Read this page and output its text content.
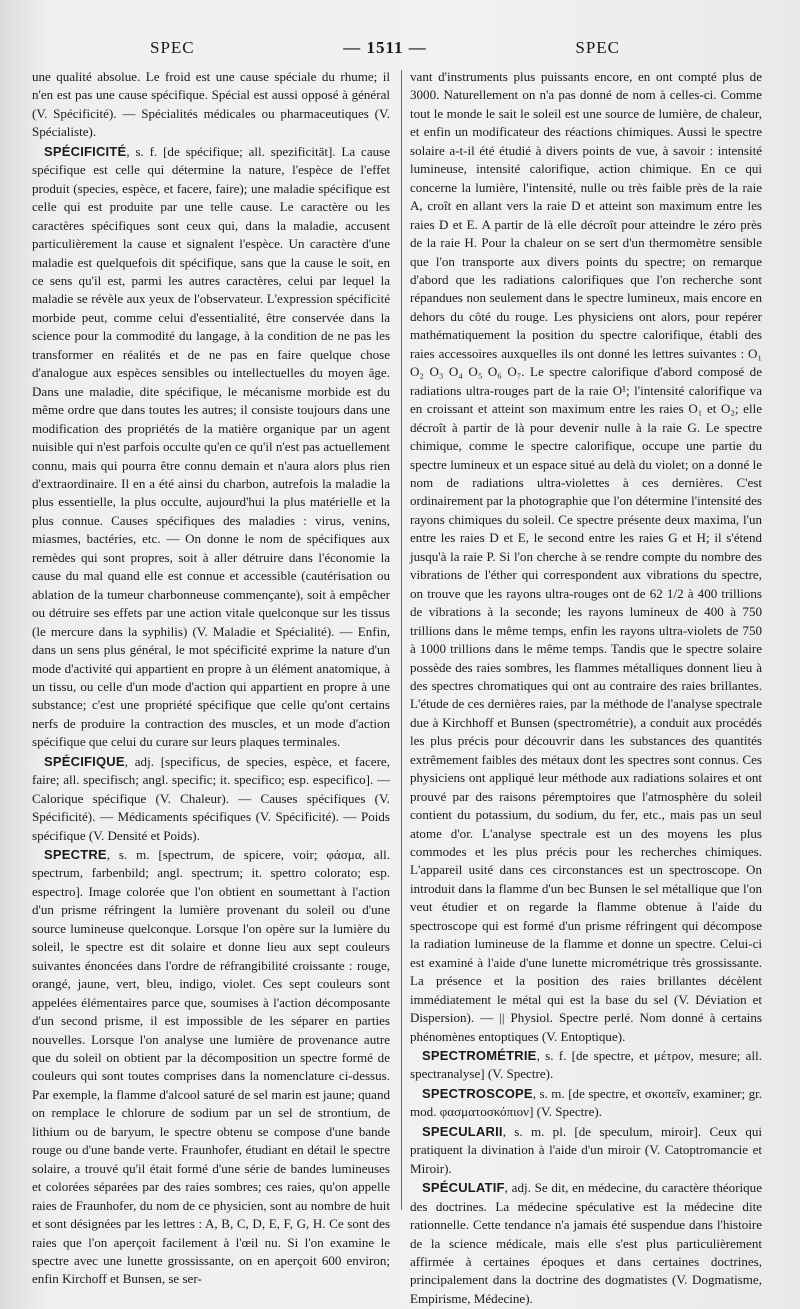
SPEC	— 1511 —	SPEC

une qualité absolue. Le froid est une cause spéciale du rhume; il n'en est pas une cause spécifique. Spécial est aussi opposé à général (V. Spécificité). — Spécialités médicales ou pharmaceutiques (V. Spécialiste).

SPÉCIFICITÉ, s. f. [de spécifique; all. spezificität]. La cause spécifique est celle qui détermine la nature, l'espèce de l'effet produit (species, espèce, et facere, faire); une maladie spécifique est celle qui est produite par une telle cause. Le caractère ou les caractères spécifiques sont ceux qui, dans la maladie, accusent particulièrement la cause et signalent l'espèce. Un caractère d'une maladie est quelquefois dit spécifique, sans que la cause le soit, en ce sens qu'il est, parmi les autres caractères, celui par lequel la maladie se révèle aux yeux de l'observateur. L'expression spécificité morbide peut, comme celui d'essentialité, être conservée dans la science pour la commodité du langage, à la condition de ne pas les transformer en réalités et de ne pas en faire quelque chose d'analogue aux espèces sensibles ou intellectuelles du moyen âge. Dans une maladie, dite spécifique, le mécanisme morbide est du même ordre que dans toutes les autres; il consiste toujours dans une modification des propriétés de la matière organique par un agent nuisible qui n'est parfois occulte qu'en ce qu'il n'est pas actuellement connu, mais qui pourra être connu demain et n'aura alors plus rien d'extraordinaire. Il en a été ainsi du charbon, autrefois la maladie la plus essentielle, la plus occulte, aujourd'hui la plus matérielle et la plus connue. Causes spécifiques des maladies : virus, venins, miasmes, bactéries, etc. — On donne le nom de spécifiques aux remèdes qui sont propres, soit à aller détruire dans l'économie la cause du mal quand elle est connue et accessible (cautérisation ou ablation de la tumeur charbonneuse commençante), soit à empêcher ou détruire ses effets par une action vitale quelconque sur les tissus (le mercure dans la syphilis) (V. Maladie et Spécialité). — Enfin, dans un sens plus général, le mot spécificité exprime la nature d'un mode d'activité qui appartient en propre à un élément anatomique, à un tissu, ou celle d'un mode d'action qui appartient en propre à une substance; c'est une propriété spécifique que celle qu'ont certains nerfs de produire la contraction des muscles, et un mode d'action spécifique que celui du curare sur leurs plaques terminales.

SPÉCIFIQUE, adj. [specificus, de species, espèce, et facere, faire; all. specifisch; angl. specific; it. specifico; esp. especifico]. — Calorique spécifique (V. Chaleur). — Causes spécifiques (V. Spécificité). — Médicaments spécifiques (V. Spécificité). — Poids spécifique (V. Densité et Poids).

SPECTRE, s. m. [spectrum, de spicere, voir; φάσμα, all. spectrum, farbenbild; angl. spectrum; it. spettro colorato; esp. espectro]. Image colorée que l'on obtient en soumettant à l'action d'un prisme réfringent la lumière provenant du soleil ou d'une source lumineuse quelconque. Lorsque l'on opère sur la lumière du soleil, le spectre est dit solaire et donne lieu aux sept couleurs suivantes énoncées dans l'ordre de réfrangibilité croissante : rouge, orangé, jaune, vert, bleu, indigo, violet. Ces sept couleurs sont appelées élémentaires parce que, soumises à l'action décomposante d'un second prisme, il est impossible de les séparer en parties nouvelles. Lorsque l'on analyse une lumière de provenance autre que du soleil on obtient par la décomposition un spectre formé de couleurs qui sont toutes comprises dans la nomenclature ci-dessus. Par exemple, la flamme d'alcool saturé de sel marin est jaune; quand on remplace le chlorure de sodium par un sel de strontium, de lithium ou de baryum, le spectre obtenu se compose d'une bande rouge ou d'une bande verte. Fraunhofer, étudiant en détail le spectre solaire, a trouvé qu'il était formé d'une série de bandes lumineuses et colorées séparées par des raies sombres; ces raies, qu'on appelle raies de Fraunhofer, du nom de ce physicien, sont au nombre de huit et sont désignées par les lettres : A, B, C, D, E, F, G, H. Ce sont des raies que l'on aperçoit facilement à l'œil nu. Si l'on examine le spectre avec une lunette grossissante, on en aperçoit 600 environ; enfin Kirchoff et Bunsen, se ser-

vant d'instruments plus puissants encore, en ont compté plus de 3000. Naturellement on n'a pas donné de nom à celles-ci. Comme tout le monde le sait le soleil est une source de lumière, de chaleur, et enfin un modificateur des réactions chimiques. Aussi le spectre solaire a-t-il été étudié à divers points de vue, à savoir : intensité lumineuse, intensité calorifique, action chimique. En ce qui concerne la lumière, l'intensité, nulle ou très faible près de la raie A, croît en allant vers la raie D et atteint son maximum entre les raies D et E. A partir de là elle décroît pour atteindre le zéro près de la raie H. Pour la chaleur on se sert d'un thermomètre sensible que l'on transporte aux divers points du spectre; on remarque d'abord que les radiations calorifiques que l'on recherche sont répandues non seulement dans le spectre lumineux, mais encore en dehors du côté du rouge. Les physiciens ont alors, pour repérer mathématiquement la position du spectre calorifique, établi des raies accessoires auxquelles ils ont donné les lettres suivantes : O₁ O₂ O₃ O₄ O₅ O₆ O₇. Le spectre calorifique d'abord composé de radiations ultra-rouges part de la raie O¹; l'intensité calorifique va en croissant et atteint son maximum entre les raies O₁ et O₂; elle décroît à partir de là pour devenir nulle à la raie G. Le spectre chimique, comme le spectre calorifique, occupe une partie du spectre lumineux et un espace situé au delà du violet; on a donné le nom de radiations ultra-violettes à ces dernières. C'est ordinairement par la photographie que l'on détermine l'intensité des rayons chimiques du soleil. Ce spectre présente deux maxima, l'un entre les raies D et E, le second entre les raies G et H; il s'étend jusqu'à la raie P. Si l'on cherche à se rendre compte du nombre des vibrations de l'éther qui correspondent aux vibrations du spectre, on trouve que les rayons ultra-rouges ont de 62 1/2 à 400 trillions de vibrations à la seconde; les rayons lumineux de 400 à 750 trillions dans le même temps, enfin les rayons ultra-violets de 750 à 1000 trillions dans le même temps. Tandis que le spectre solaire possède des raies sombres, les flammes métalliques donnent lieu à des spectres chromatiques qui ont au contraire des raies brillantes. L'étude de ces dernières raies, par la méthode de l'analyse spectrale due à Kirchhoff et Bunsen (spectrométrie), a conduit aux procédés les plus précis pour découvrir dans les substances des quantités extrêmement faibles des métaux dont les spectres sont connus. Ces physiciens ont appliqué leur méthode aux radiations solaires et ont prouvé par des raisons péremptoires que l'atmosphère du soleil contient du potassium, du sodium, du fer, etc., mais pas un seul atome d'or. L'analyse spectrale est un des moyens les plus commodes et les plus précis pour les recherches chimiques. L'appareil usité dans ces circonstances est un spectroscope. On introduit dans la flamme d'un bec Bunsen le sel métallique que l'on veut étudier et on regarde la flamme obtenue à l'aide du spectroscope qui est formé d'un prisme réfringent qui décompose la radiation lumineuse de la flamme et donne un spectre. Celui-ci est examiné à l'aide d'une lunette micrométrique très grossissante. La présence et la position des raies brillantes décèlent immédiatement le métal qui est la base du sel (V. Déviation et Dispersion). — || Physiol. Spectre perlé. Nom donné à certains phénomènes entoptiques (V. Entoptique).

SPECTROMÉTRIE, s. f. [de spectre, et μέτρον, mesure; all. spectranalyse] (V. Spectre).

SPECTROSCOPE, s. m. [de spectre, et σκοπεῖν, examiner; gr. mod. φασματοσκόπιον] (V. Spectre).

SPECULARII, s. m. pl. [de speculum, miroir]. Ceux qui pratiquent la divination à l'aide d'un miroir (V. Catoptromancie et Miroir).

SPÉCULATIF, adj. Se dit, en médecine, du caractère théorique des doctrines. La médecine spéculative est la médecine dite rationnelle. Cette tendance n'a jamais été suspendue dans l'histoire de la science médicale, mais elle s'est plus particulièrement affirmée à certaines époques et dans certaines doctrines, principalement dans la doctrine des dogmatistes (V. Dogmatisme, Empirisme, Médecine).
